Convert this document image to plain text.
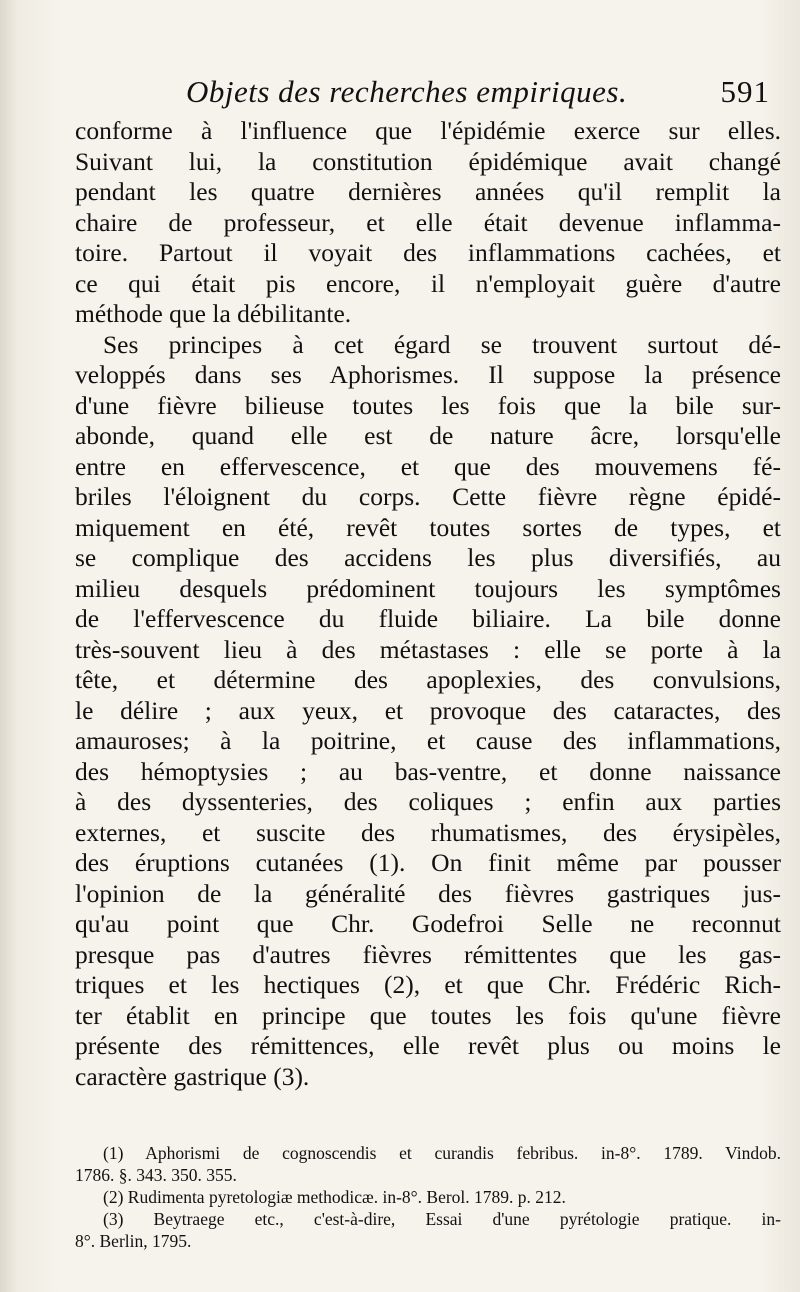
Objets des recherches empiriques.	591
conforme à l'influence que l'épidémie exerce sur elles.
Suivant lui, la constitution épidémique avait changé
pendant les quatre dernières années qu'il remplit la
chaire de professeur, et elle était devenue inflamma-
toire. Partout il voyait des inflammations cachées, et
ce qui était pis encore, il n'employait guère d'autre
méthode que la débilitante.
Ses principes à cet égard se trouvent surtout dé-
veloppés dans ses Aphorismes. Il suppose la présence
d'une fièvre bilieuse toutes les fois que la bile sur-
abonde, quand elle est de nature âcre, lorsqu'elle
entre en effervescence, et que des mouvemens fé-
briles l'éloignent du corps. Cette fièvre règne épidé-
miquement en été, revêt toutes sortes de types, et
se complique des accidens les plus diversifiés, au
milieu desquels prédominent toujours les symptômes
de l'effervescence du fluide biliaire. La bile donne
très-souvent lieu à des métastases : elle se porte à la
tête, et détermine des apoplexies, des convulsions,
le délire ; aux yeux, et provoque des cataractes, des
amauroses; à la poitrine, et cause des inflammations,
des hémoptysies ; au bas-ventre, et donne naissance
à des dyssenteries, des coliques ; enfin aux parties
externes, et suscite des rhumatismes, des érysipèles,
des éruptions cutanées (1). On finit même par pousser
l'opinion de la généralité des fièvres gastriques jus-
qu'au point que Chr. Godefroi Selle ne reconnut
presque pas d'autres fièvres rémittentes que les gas-
triques et les hectiques (2), et que Chr. Frédéric Rich-
ter établit en principe que toutes les fois qu'une fièvre
présente des rémittences, elle revêt plus ou moins le
caractère gastrique (3).
(1) Aphorismi de cognoscendis et curandis febribus. in-8°. 1789. Vindob.
1786. §. 343. 350. 355.
(2) Rudimenta pyretologiæ methodicæ. in-8°. Berol. 1789. p. 212.
(3) Beytraege etc., c'est-à-dire, Essai d'une pyrétologie pratique. in-
8°. Berlin, 1795.
